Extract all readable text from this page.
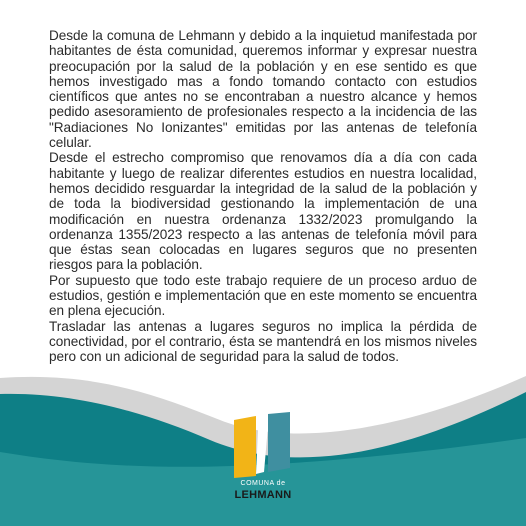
Desde la comuna de Lehmann y debido a la inquietud manifestada por habitantes de ésta comunidad, queremos informar y expresar nuestra preocupación por la salud de la población y en ese sentido es que hemos investigado mas a fondo tomando contacto con estudios científicos que antes no se encontraban a nuestro alcance y hemos pedido asesoramiento de profesionales respecto a la incidencia de las "Radiaciones No Ionizantes" emitidas por las antenas de telefonía celular.

Desde el estrecho compromiso que renovamos día a día con cada habitante y luego de realizar diferentes estudios en nuestra localidad, hemos decidido resguardar la integridad de la salud de la población y de toda la biodiversidad gestionando la implementación de una modificación en nuestra ordenanza 1332/2023 promulgando la ordenanza 1355/2023 respecto a las antenas de telefonía móvil para que éstas sean colocadas en lugares seguros que no presenten riesgos para la población.

Por supuesto que todo este trabajo requiere de un proceso arduo de estudios, gestión e implementación que en este momento se encuentra en plena ejecución.

Trasladar las antenas a lugares seguros no implica la pérdida de conectividad, por el contrario, ésta se mantendrá en los mismos niveles pero con un adicional de seguridad para la salud de todos.

COMUNA de
LEHMANN
